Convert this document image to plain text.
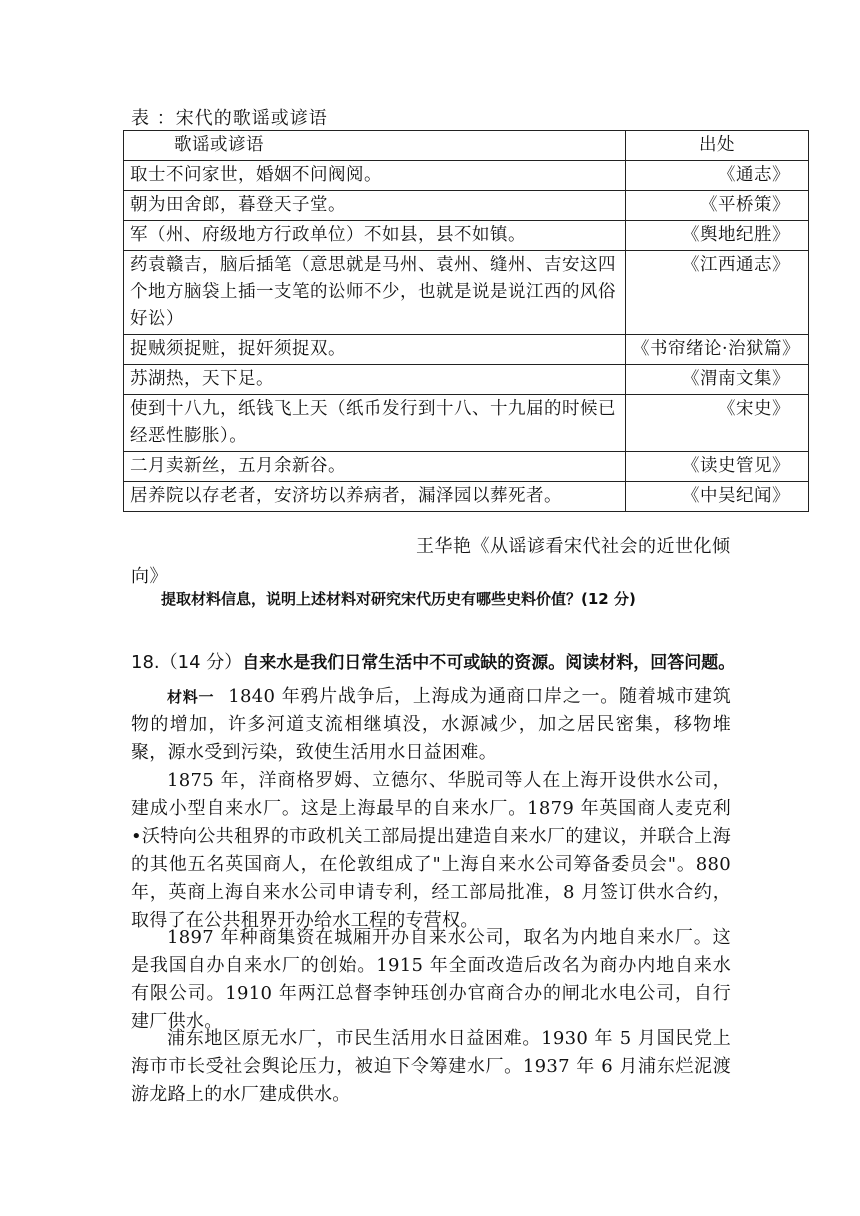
表 ：宋代的歌谣或谚语
歌谣或谚语	出处
取士不问家世，婚姻不问阀阅。	《通志》
朝为田舍郎，暮登天子堂。	《平桥策》
军（州、府级地方行政单位）不如县，县不如镇。	《舆地纪胜》
药袁赣吉，脑后插笔（意思就是马州、袁州、缝州、吉安这四个地方脑袋上插一支笔的讼师不少，也就是说是说江西的风俗好讼）	《江西通志》
捉贼须捉赃，捉奸须捉双。	《书帘绪论·治狱篇》
苏湖热，天下足。	《渭南文集》
使到十八九，纸钱飞上天（纸币发行到十八、十九届的时候已经恶性膨胀）。	《宋史》
二月卖新丝，五月余新谷。	《读史管见》
居养院以存老者，安济坊以养病者，漏泽园以葬死者。	《中吴纪闻》
王华艳《从谣谚看宋代社会的近世化倾向》
提取材料信息，说明上述材料对研究宋代历史有哪些史料价值？(12 分)
18.（14 分）自来水是我们日常生活中不可或缺的资源。阅读材料，回答问题。
材料一 1840 年鸦片战争后，上海成为通商口岸之一。随着城市建筑物的增加，许多河道支流相继填没，水源减少，加之居民密集，移物堆聚，源水受到污染，致使生活用水日益困难。
1875 年，洋商格罗姆、立德尔、华脱司等人在上海开设供水公司，建成小型自来水厂。这是上海最早的自来水厂。1879 年英国商人麦克利 •沃特向公共租界的市政机关工部局提出建造自来水厂的建议，并联合上海的其他五名英国商人，在伦敦组成了"上海自来水公司筹备委员会"。880 年，英商上海自来水公司申请专利，经工部局批准，8 月签订供水合约，取得了在公共租界开办给水工程的专营权。
1897 年种商集资在城厢开办自来水公司，取名为内地自来水厂。这是我国自办自来水厂的创始。1915 年全面改造后改名为商办内地自来水有限公司。1910 年两江总督李钟珏创办官商合办的闸北水电公司，自行建厂供水。
浦东地区原无水厂，市民生活用水日益困难。1930 年 5 月国民党上海市市长受社会舆论压力，被迫下令筹建水厂。1937 年 6 月浦东烂泥渡游龙路上的水厂建成供水。
